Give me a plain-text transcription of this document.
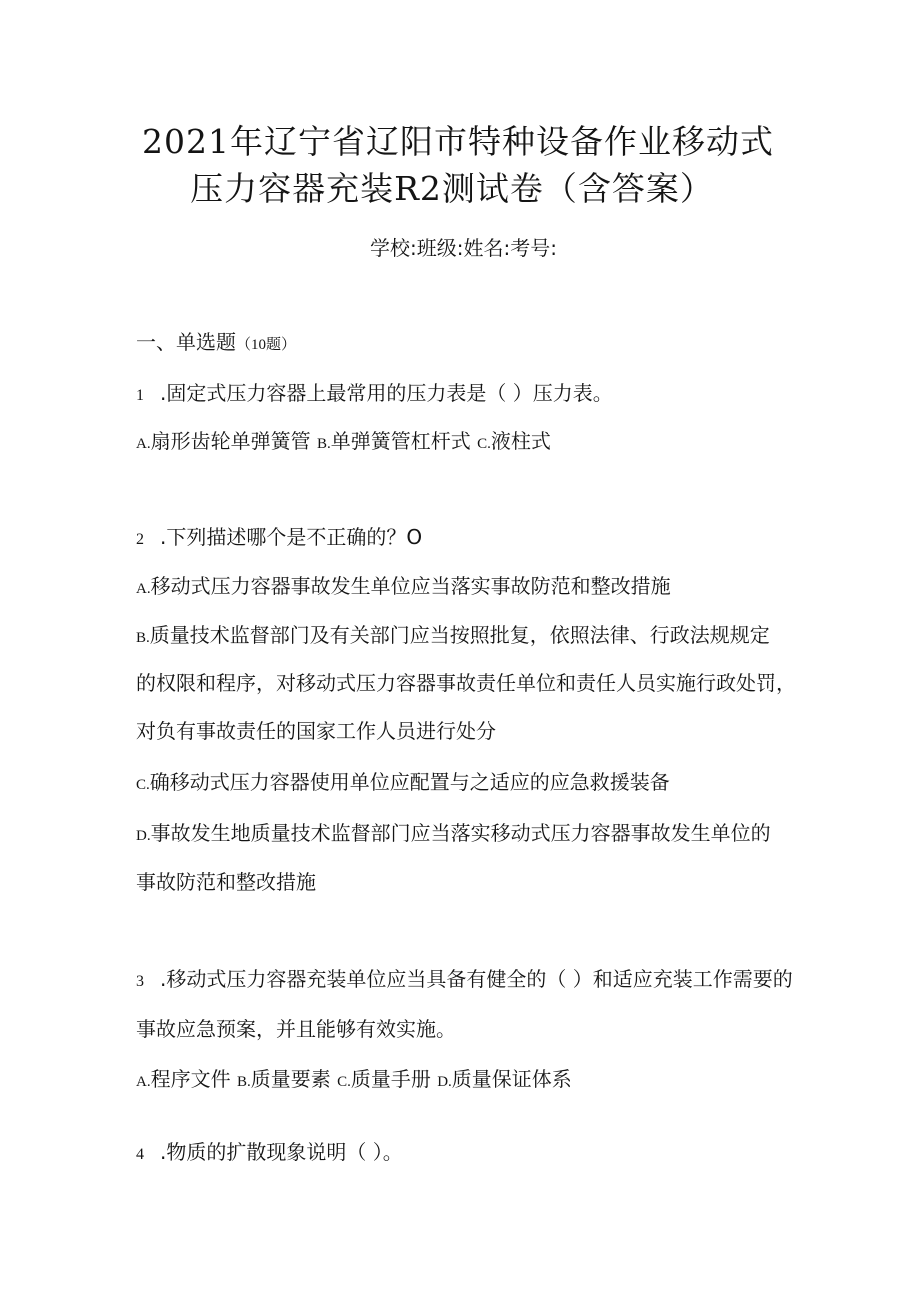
2021年辽宁省辽阳市特种设备作业移动式
压力容器充装R2测试卷（含答案）
学校:班级:姓名:考号:
一、单选题（10题）
1 .固定式压力容器上最常用的压力表是（ ）压力表。
A.扇形齿轮单弹簧管 B.单弹簧管杠杆式 C.液柱式
2 .下列描述哪个是不正确的？O
A.移动式压力容器事故发生单位应当落实事故防范和整改措施
B.质量技术监督部门及有关部门应当按照批复，依照法律、行政法规规定
的权限和程序，对移动式压力容器事故责任单位和责任人员实施行政处罚，
对负有事故责任的国家工作人员进行处分
C.确移动式压力容器使用单位应配置与之适应的应急救援装备
D.事故发生地质量技术监督部门应当落实移动式压力容器事故发生单位的
事故防范和整改措施
3 .移动式压力容器充装单位应当具备有健全的（ ）和适应充装工作需要的
事故应急预案，并且能够有效实施。
A.程序文件 B.质量要素 C.质量手册 D.质量保证体系
4 .物质的扩散现象说明（ ）。
